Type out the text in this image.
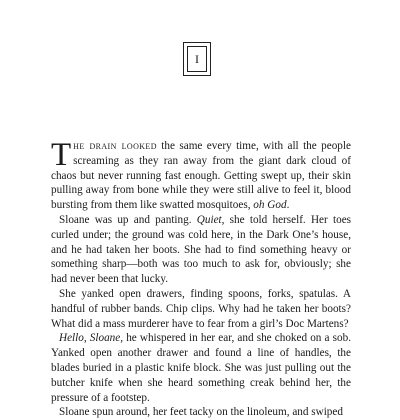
I

The drain looked the same every time, with all the people screaming as they ran away from the giant dark cloud of chaos but never running fast enough. Getting swept up, their skin pulling away from bone while they were still alive to feel it, blood bursting from them like swatted mosquitoes, oh God.

Sloane was up and panting. Quiet, she told herself. Her toes curled under; the ground was cold here, in the Dark One’s house, and he had taken her boots. She had to find something heavy or something sharp—both was too much to ask for, obviously; she had never been that lucky.

She yanked open drawers, finding spoons, forks, spatulas. A handful of rubber bands. Chip clips. Why had he taken her boots? What did a mass murderer have to fear from a girl’s Doc Martens?

Hello, Sloane, he whispered in her ear, and she choked on a sob. Yanked open another drawer and found a line of handles, the blades buried in a plastic knife block. She was just pulling out the butcher knife when she heard something creak behind her, the pressure of a footstep.

Sloane spun around, her feet tacky on the linoleum, and swiped
